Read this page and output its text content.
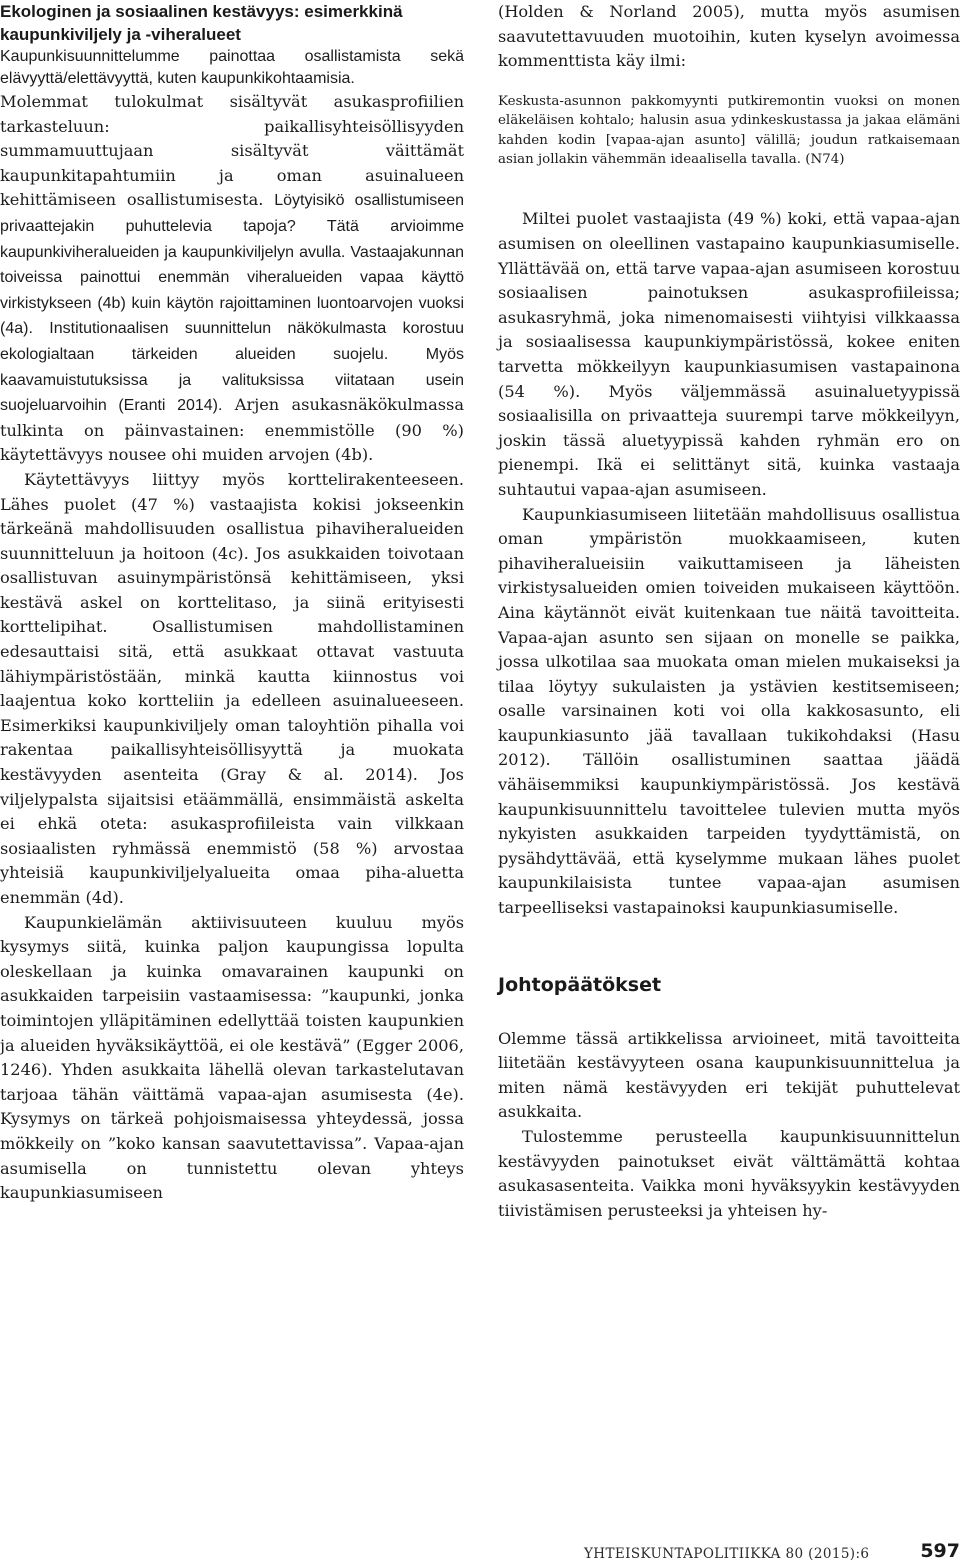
Ekologinen ja sosiaalinen kestävyys: esimerkkinä kaupunkiviljely ja -viheralueet

Kaupunkisuunnittelumme painottaa osallistamista sekä elävyyttä/elettävyyttä, kuten kaupunkikohtaamisia.

Molemmat tulokulmat sisältyvät asukasprofiilien tarkasteluun: paikallisyhteisöllisyyden summamuuttujaan sisältyvät väittämät kaupunkitapahtumiin ja oman asuinalueen kehittämiseen osallistumisesta. Löytyisikö osallistumiseen privaattejakin puhuttelevia tapoja? Tätä arvioimme kaupunkiviheralueiden ja kaupunkiviljelyn avulla. Vastaajakunnan toiveissa painottui enemmän viheralueiden vapaa käyttö virkistykseen (4b) kuin käytön rajoittaminen luontoarvojen vuoksi (4a). Institutionaalisen suunnittelun näkökulmasta korostuu ekologialtaan tärkeiden alueiden suojelu. Myös kaavamuistutuksissa ja valituksissa viitataan usein suojeluarvoihin (Eranti 2014). Arjen asukasnäkökulmassa tulkinta on päinvastainen: enemmistölle (90 %) käytettävyys nousee ohi muiden arvojen (4b).

Käytettävyys liittyy myös korttelirakenteeseen. Lähes puolet (47 %) vastaajista kokisi jokseenkin tärkeänä mahdollisuuden osallistua pihaviheralueiden suunnitteluun ja hoitoon (4c). Jos asukkaiden toivotaan osallistuvan asuinympäristönsä kehittämiseen, yksi kestävä askel on korttelitaso, ja siinä erityisesti korttelipihat. Osallistumisen mahdollistaminen edesauttaisi sitä, että asukkaat ottavat vastuuta lähiympäristöstään, minkä kautta kiinnostus voi laajentua koko kortteliin ja edelleen asuinalueeseen. Esimerkiksi kaupunkiviljely oman taloyhtiön pihalla voi rakentaa paikallisyhteisöllisyyttä ja muokata kestävyyden asenteita (Gray & al. 2014). Jos viljelypalsta sijaitsisi etäämmällä, ensimmäistä askelta ei ehkä oteta: asukasprofiileista vain vilkkaan sosiaalisten ryhmässä enemmistö (58 %) arvostaa yhteisiä kaupunkiviljelyalueita omaa piha-aluetta enemmän (4d).

Kaupunkielämän aktiivisuuteen kuuluu myös kysymys siitä, kuinka paljon kaupungissa lopulta oleskellaan ja kuinka omavarainen kaupunki on asukkaiden tarpeisiin vastaamisessa: ”kaupunki, jonka toimintojen ylläpitäminen edellyttää toisten kaupunkien ja alueiden hyväksikäyttöä, ei ole kestävä” (Egger 2006, 1246). Yhden asukkaita lähellä olevan tarkastelutavan tarjoaa tähän väittämä vapaa-ajan asumisesta (4e). Kysymys on tärkeä pohjoismaisessa yhteydessä, jossa mökkeily on ”koko kansan saavutettavissa”. Vapaa-ajan asumisella on tunnistettu olevan yhteys kaupunkiasumiseen

(Holden & Norland 2005), mutta myös asumisen saavutettavuuden muotoihin, kuten kyselyn avoimessa kommenttista käy ilmi:

Keskusta-asunnon pakkomyynti putkiremontin vuoksi on monen eläkeläisen kohtalo; halusin asua ydinkeskustassa ja jakaa elämäni kahden kodin [vapaa-ajan asunto] välillä; joudun ratkaisemaan asian jollakin vähemmän ideaalisella tavalla. (N74)

Miltei puolet vastaajista (49 %) koki, että vapaa-ajan asumisen on oleellinen vastapaino kaupunkiasumiselle. Yllättävää on, että tarve vapaa-ajan asumiseen korostuu sosiaalisen painotuksen asukasprofiileissa; asukasryhmä, joka nimenomaisesti viihtyisi vilkkaassa ja sosiaalisessa kaupunkiympäristössä, kokee eniten tarvetta mökkeilyyn kaupunkiasumisen vastapainona (54 %). Myös väljemmässä asuinaluetyypissä sosiaalisilla on privaatteja suurempi tarve mökkeilyyn, joskin tässä aluetyypissä kahden ryhmän ero on pienempi. Ikä ei selittänyt sitä, kuinka vastaaja suhtautui vapaa-ajan asumiseen.

Kaupunkiasumiseen liitetään mahdollisuus osallistua oman ympäristön muokkaamiseen, kuten pihaviheralueisiin vaikuttamiseen ja läheisten virkistysalueiden omien toiveiden mukaiseen käyttöön. Aina käytännöt eivät kuitenkaan tue näitä tavoitteita. Vapaa-ajan asunto sen sijaan on monelle se paikka, jossa ulkotilaa saa muokata oman mielen mukaiseksi ja tilaa löytyy sukulaisten ja ystävien kestitsemiseen; osalle varsinainen koti voi olla kakkosasunto, eli kaupunkiasunto jää tavallaan tukikohdaksi (Hasu 2012). Tällöin osallistuminen saattaa jäädä vähäisemmiksi kaupunkiympäristössä. Jos kestävä kaupunkisuunnittelu tavoittelee tulevien mutta myös nykyisten asukkaiden tarpeiden tyydyttämistä, on pysähdyttävää, että kyselymme mukaan lähes puolet kaupunkilaisista tuntee vapaa-ajan asumisen tarpeelliseksi vastapainoksi kaupunkiasumiselle.

Johtopäätökset

Olemme tässä artikkelissa arvioineet, mitä tavoitteita liitetään kestävyyteen osana kaupunkisuunnittelua ja miten nämä kestävyyden eri tekijät puhuttelevat asukkaita.

Tulostemme perusteella kaupunkisuunnittelun kestävyyden painotukset eivät välttämättä kohtaa asukasasenteita. Vaikka moni hyväksyykin kestävyyden tiivistämisen perusteeksi ja yhteisen hy-

YHTEISKUNTAPOLITIIKKA 80 (2015):6	597
